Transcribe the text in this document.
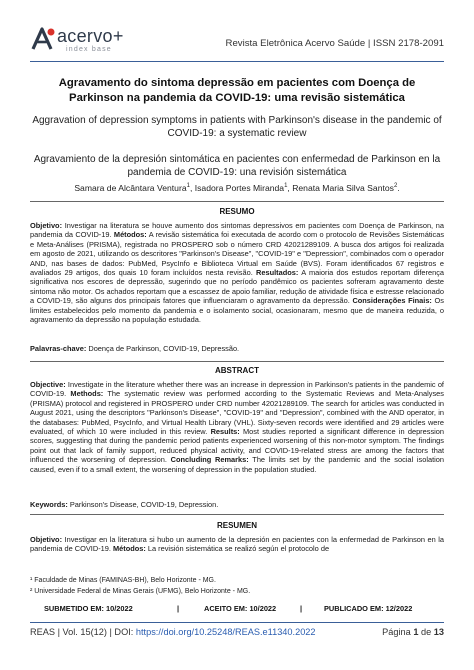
acervo+
index base
Revista Eletrônica Acervo Saúde | ISSN 2178-2091
Agravamento do sintoma depressão em pacientes com Doença de Parkinson na pandemia da COVID-19: uma revisão sistemática
Aggravation of depression symptoms in patients with Parkinson's disease in the pandemic of COVID-19: a systematic review
Agravamiento de la depresión sintomática en pacientes con enfermedad de Parkinson en la pandemia de COVID-19: una revisión sistemática
Samara de Alcântara Ventura$^1$, Isadora Portes Miranda$^1$, Renata Maria Silva Santos$^2$.
RESUMO
Objetivo: Investigar na literatura se houve aumento dos sintomas depressivos em pacientes com Doença de Parkinson, na pandemia da COVID-19. Métodos: A revisão sistemática foi executada de acordo com o protocolo de Revisões Sistemáticas e Meta-Análises (PRISMA), registrada no PROSPERO sob o número CRD 42021289109. A busca dos artigos foi realizada em agosto de 2021, utilizando os descritores "Parkinson's Disease", "COVID-19" e "Depression", combinados com o operador AND, nas bases de dados: PubMed, PsycInfo e Biblioteca Virtual em Saúde (BVS). Foram identificados 67 registros e avaliados 29 artigos, dos quais 10 foram incluídos nesta revisão. Resultados: A maioria dos estudos reportam diferença significativa nos escores de depressão, sugerindo que no período pandêmico os pacientes sofreram agravamento deste sintoma não motor. Os achados reportam que a escassez de apoio familiar, redução de atividade física e estresse relacionado a COVID-19, são alguns dos principais fatores que influenciaram o agravamento da depressão. Considerações Finais: Os limites estabelecidos pelo momento da pandemia e o isolamento social, ocasionaram, mesmo que de maneira reduzida, o agravamento da depressão na população estudada.
Palavras-chave: Doença de Parkinson, COVID-19, Depressão.
ABSTRACT
Objective: Investigate in the literature whether there was an increase in depression in Parkinson's patients in the pandemic of COVID-19. Methods: The systematic review was performed according to the Systematic Reviews and Meta-Analyses (PRISMA) protocol and registered in PROSPERO under CRD number 42021289109. The search for articles was conducted in August 2021, using the descriptors "Parkinson's Disease", "COVID-19" and "Depression", combined with the AND operator, in the databases: PubMed, PsycInfo, and Virtual Health Library (VHL). Sixty-seven records were identified and 29 articles were evaluated, of which 10 were included in this review. Results: Most studies reported a significant difference in depression scores, suggesting that during the pandemic period patients experienced worsening of this non-motor symptom. The findings point out that lack of family support, reduced physical activity, and COVID-19-related stress are among the factors that influenced the worsening of depression. Concluding Remarks: The limits set by the pandemic and the social isolation caused, even if to a small extent, the worsening of depression in the population studied.
Keywords: Parkinson's Disease, COVID-19, Depression.
RESUMEN
Objetivo: Investigar en la literatura si hubo un aumento de la depresión en pacientes con la enfermedad de Parkinson en la pandemia de COVID-19. Métodos: La revisión sistemática se realizó según el protocolo de
¹ Faculdade de Minas (FAMINAS-BH), Belo Horizonte - MG.
² Universidade Federal de Minas Gerais (UFMG), Belo Horizonte - MG.
SUBMETIDO EM: 10/2022	|	ACEITO EM: 10/2022	|	PUBLICADO EM: 12/2022
REAS | Vol. 15(12) | DOI: https://doi.org/10.25248/REAS.e11340.2022	Página 1 de 13
